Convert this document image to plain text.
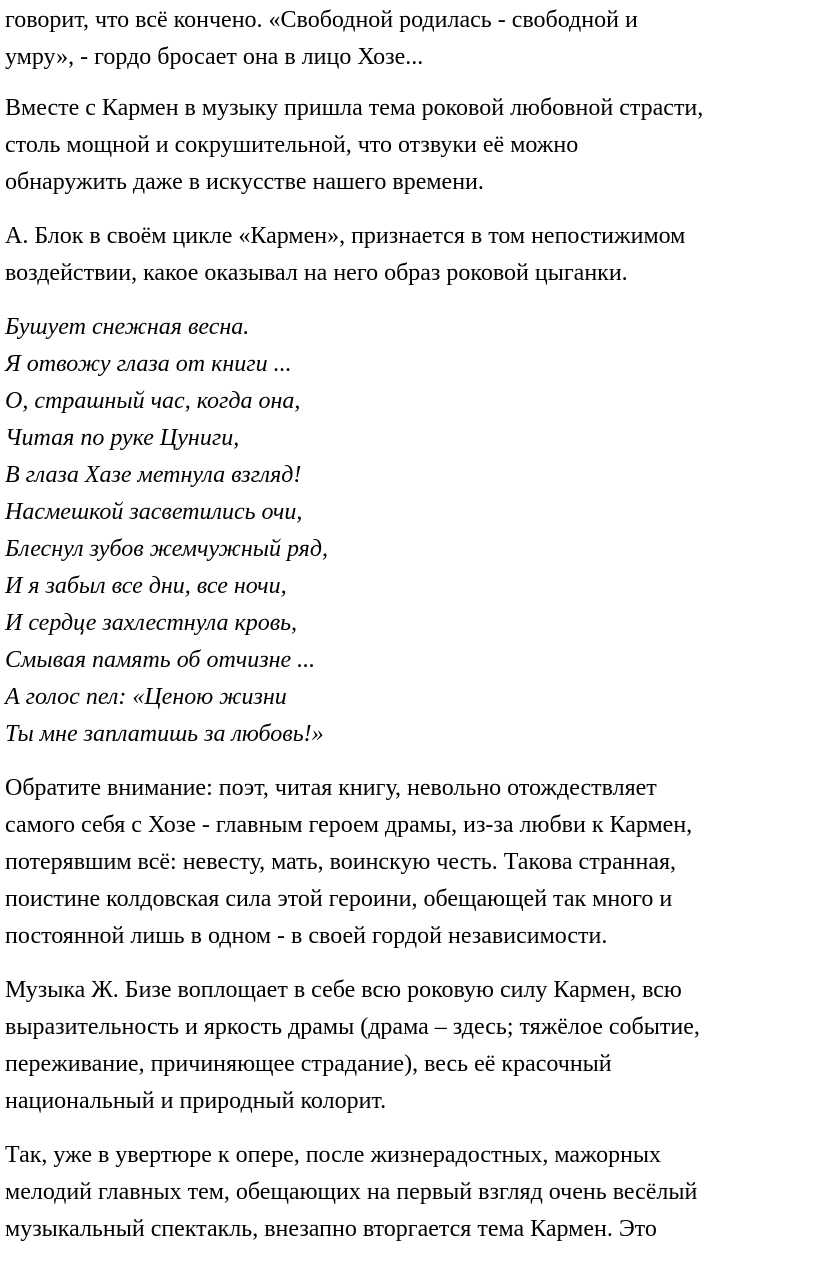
говорит, что всё кончено. «Свободной родилась - свободной и
умру», - гордо бросает она в лицо Хозе...
Вместе с Кармен в музыку пришла тема роковой любовной страсти,
столь мощной и сокрушительной, что отзвуки её можно
обнаружить даже в искусстве нашего времени.
А. Блок в своём цикле «Кармен», признается в том непостижимом
воздействии, какое оказывал на него образ роковой цыганки.
Бушует снежная весна.
Я отвожу глаза от книги ...
О, страшный час, когда она,
Читая по руке Цуниги,
В глаза Хазе метнула взгляд!
Насмешкой засветились очи,
Блеснул зубов жемчужный ряд,
И я забыл все дни, все ночи,
И сердце захлестнула кровь,
Смывая память об отчизне ...
А голос пел: «Ценою жизни
Ты мне заплатишь за любовь!»
Обратите внимание: поэт, читая книгу, невольно отождествляет
самого себя с Хозе - главным героем драмы, из-за любви к Кармен,
потерявшим всё: невесту, мать, воинскую честь. Такова странная,
поистине колдовская сила этой героини, обещающей так много и
постоянной лишь в одном - в своей гордой независимости.
Музыка Ж. Бизе воплощает в себе всю роковую силу Кармен, всю
выразительность и яркость драмы (драма – здесь; тяжёлое событие,
переживание, причиняющее страдание), весь её красочный
национальный и природный колорит.
Так, уже в увертюре к опере, после жизнерадостных, мажорных
мелодий главных тем, обещающих на первый взгляд очень весёлый
музыкальный спектакль, внезапно вторгается тема Кармен. Это
